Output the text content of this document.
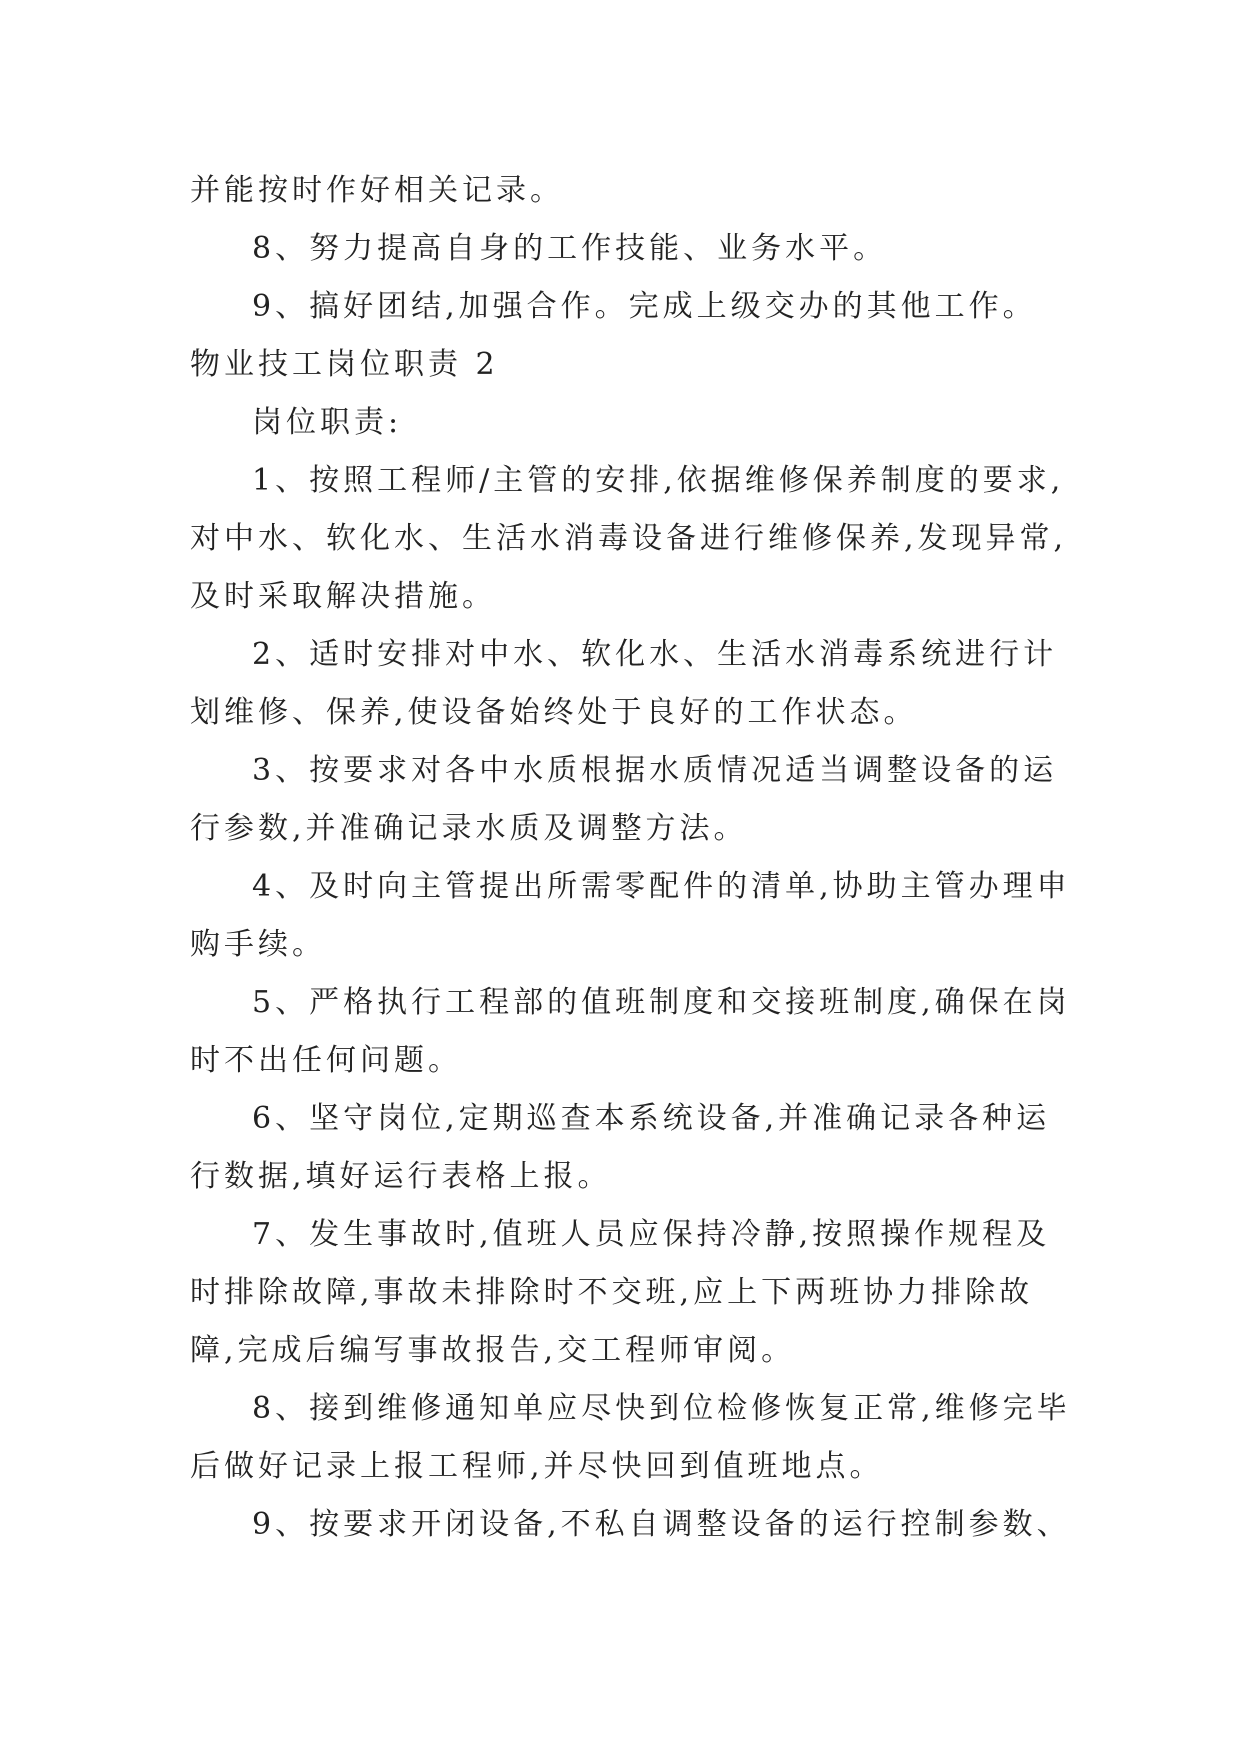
并能按时作好相关记录。

8、努力提高自身的工作技能、业务水平。

9、搞好团结,加强合作。完成上级交办的其他工作。

物业技工岗位职责 2

岗位职责:

1、按照工程师/主管的安排,依据维修保养制度的要求,

对中水、软化水、生活水消毒设备进行维修保养,发现异常,

及时采取解决措施。

2、适时安排对中水、软化水、生活水消毒系统进行计

划维修、保养,使设备始终处于良好的工作状态。

3、按要求对各中水质根据水质情况适当调整设备的运

行参数,并准确记录水质及调整方法。

4、及时向主管提出所需零配件的清单,协助主管办理申

购手续。

5、严格执行工程部的值班制度和交接班制度,确保在岗

时不出任何问题。

6、坚守岗位,定期巡查本系统设备,并准确记录各种运

行数据,填好运行表格上报。

7、发生事故时,值班人员应保持冷静,按照操作规程及

时排除故障,事故未排除时不交班,应上下两班协力排除故

障,完成后编写事故报告,交工程师审阅。

8、接到维修通知单应尽快到位检修恢复正常,维修完毕

后做好记录上报工程师,并尽快回到值班地点。

9、按要求开闭设备,不私自调整设备的运行控制参数、
